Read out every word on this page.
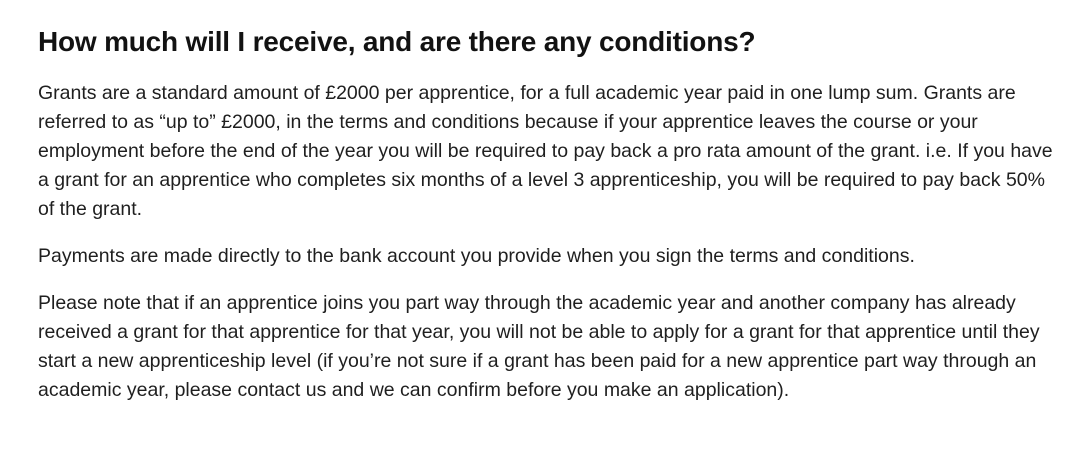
How much will I receive, and are there any conditions?

Grants are a standard amount of £2000 per apprentice, for a full academic year paid in one lump sum. Grants are referred to as “up to” £2000, in the terms and conditions because if your apprentice leaves the course or your employment before the end of the year you will be required to pay back a pro rata amount of the grant. i.e. If you have a grant for an apprentice who completes six months of a level 3 apprenticeship, you will be required to pay back 50% of the grant.

Payments are made directly to the bank account you provide when you sign the terms and conditions.

Please note that if an apprentice joins you part way through the academic year and another company has already received a grant for that apprentice for that year, you will not be able to apply for a grant for that apprentice until they start a new apprenticeship level (if you’re not sure if a grant has been paid for a new apprentice part way through an academic year, please contact us and we can confirm before you make an application).
